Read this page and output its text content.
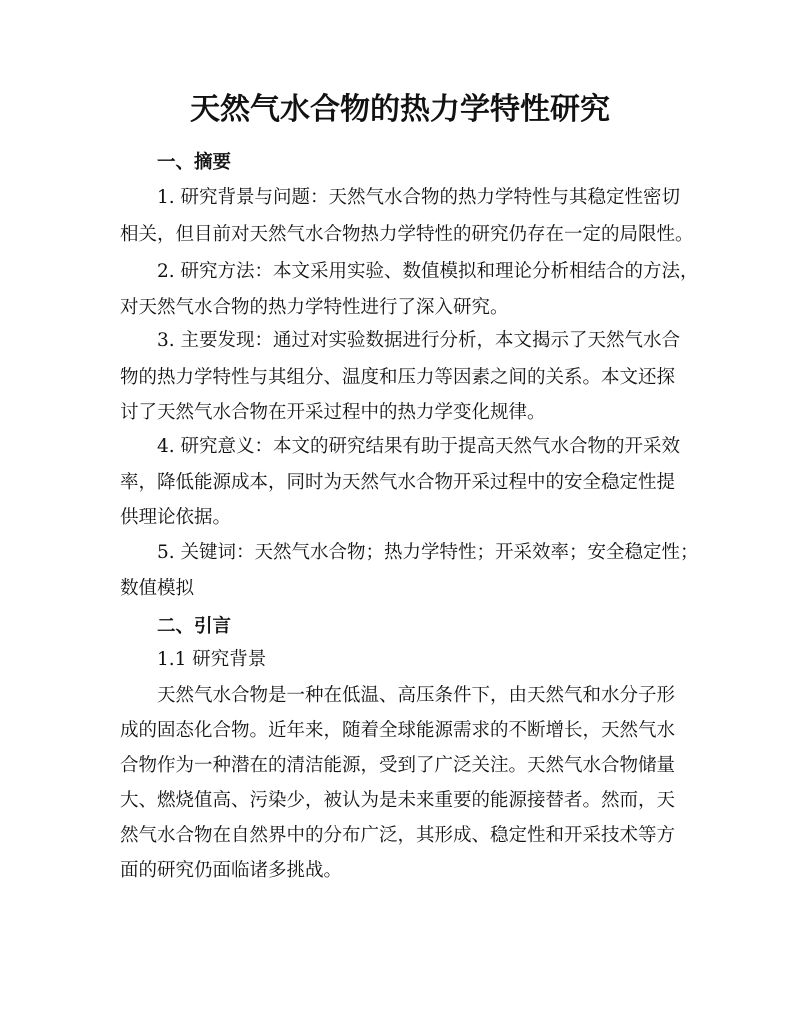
天然气水合物的热力学特性研究
一、摘要
1. 研究背景与问题：天然气水合物的热力学特性与其稳定性密切
相关，但目前对天然气水合物热力学特性的研究仍存在一定的局限性。
2. 研究方法：本文采用实验、数值模拟和理论分析相结合的方法，
对天然气水合物的热力学特性进行了深入研究。
3. 主要发现：通过对实验数据进行分析，本文揭示了天然气水合
物的热力学特性与其组分、温度和压力等因素之间的关系。本文还探
讨了天然气水合物在开采过程中的热力学变化规律。
4. 研究意义：本文的研究结果有助于提高天然气水合物的开采效
率，降低能源成本，同时为天然气水合物开采过程中的安全稳定性提
供理论依据。
5. 关键词：天然气水合物；热力学特性；开采效率；安全稳定性；
数值模拟
二、引言
1.1 研究背景
天然气水合物是一种在低温、高压条件下，由天然气和水分子形
成的固态化合物。近年来，随着全球能源需求的不断增长，天然气水
合物作为一种潜在的清洁能源，受到了广泛关注。天然气水合物储量
大、燃烧值高、污染少，被认为是未来重要的能源接替者。然而，天
然气水合物在自然界中的分布广泛，其形成、稳定性和开采技术等方
面的研究仍面临诸多挑战。
